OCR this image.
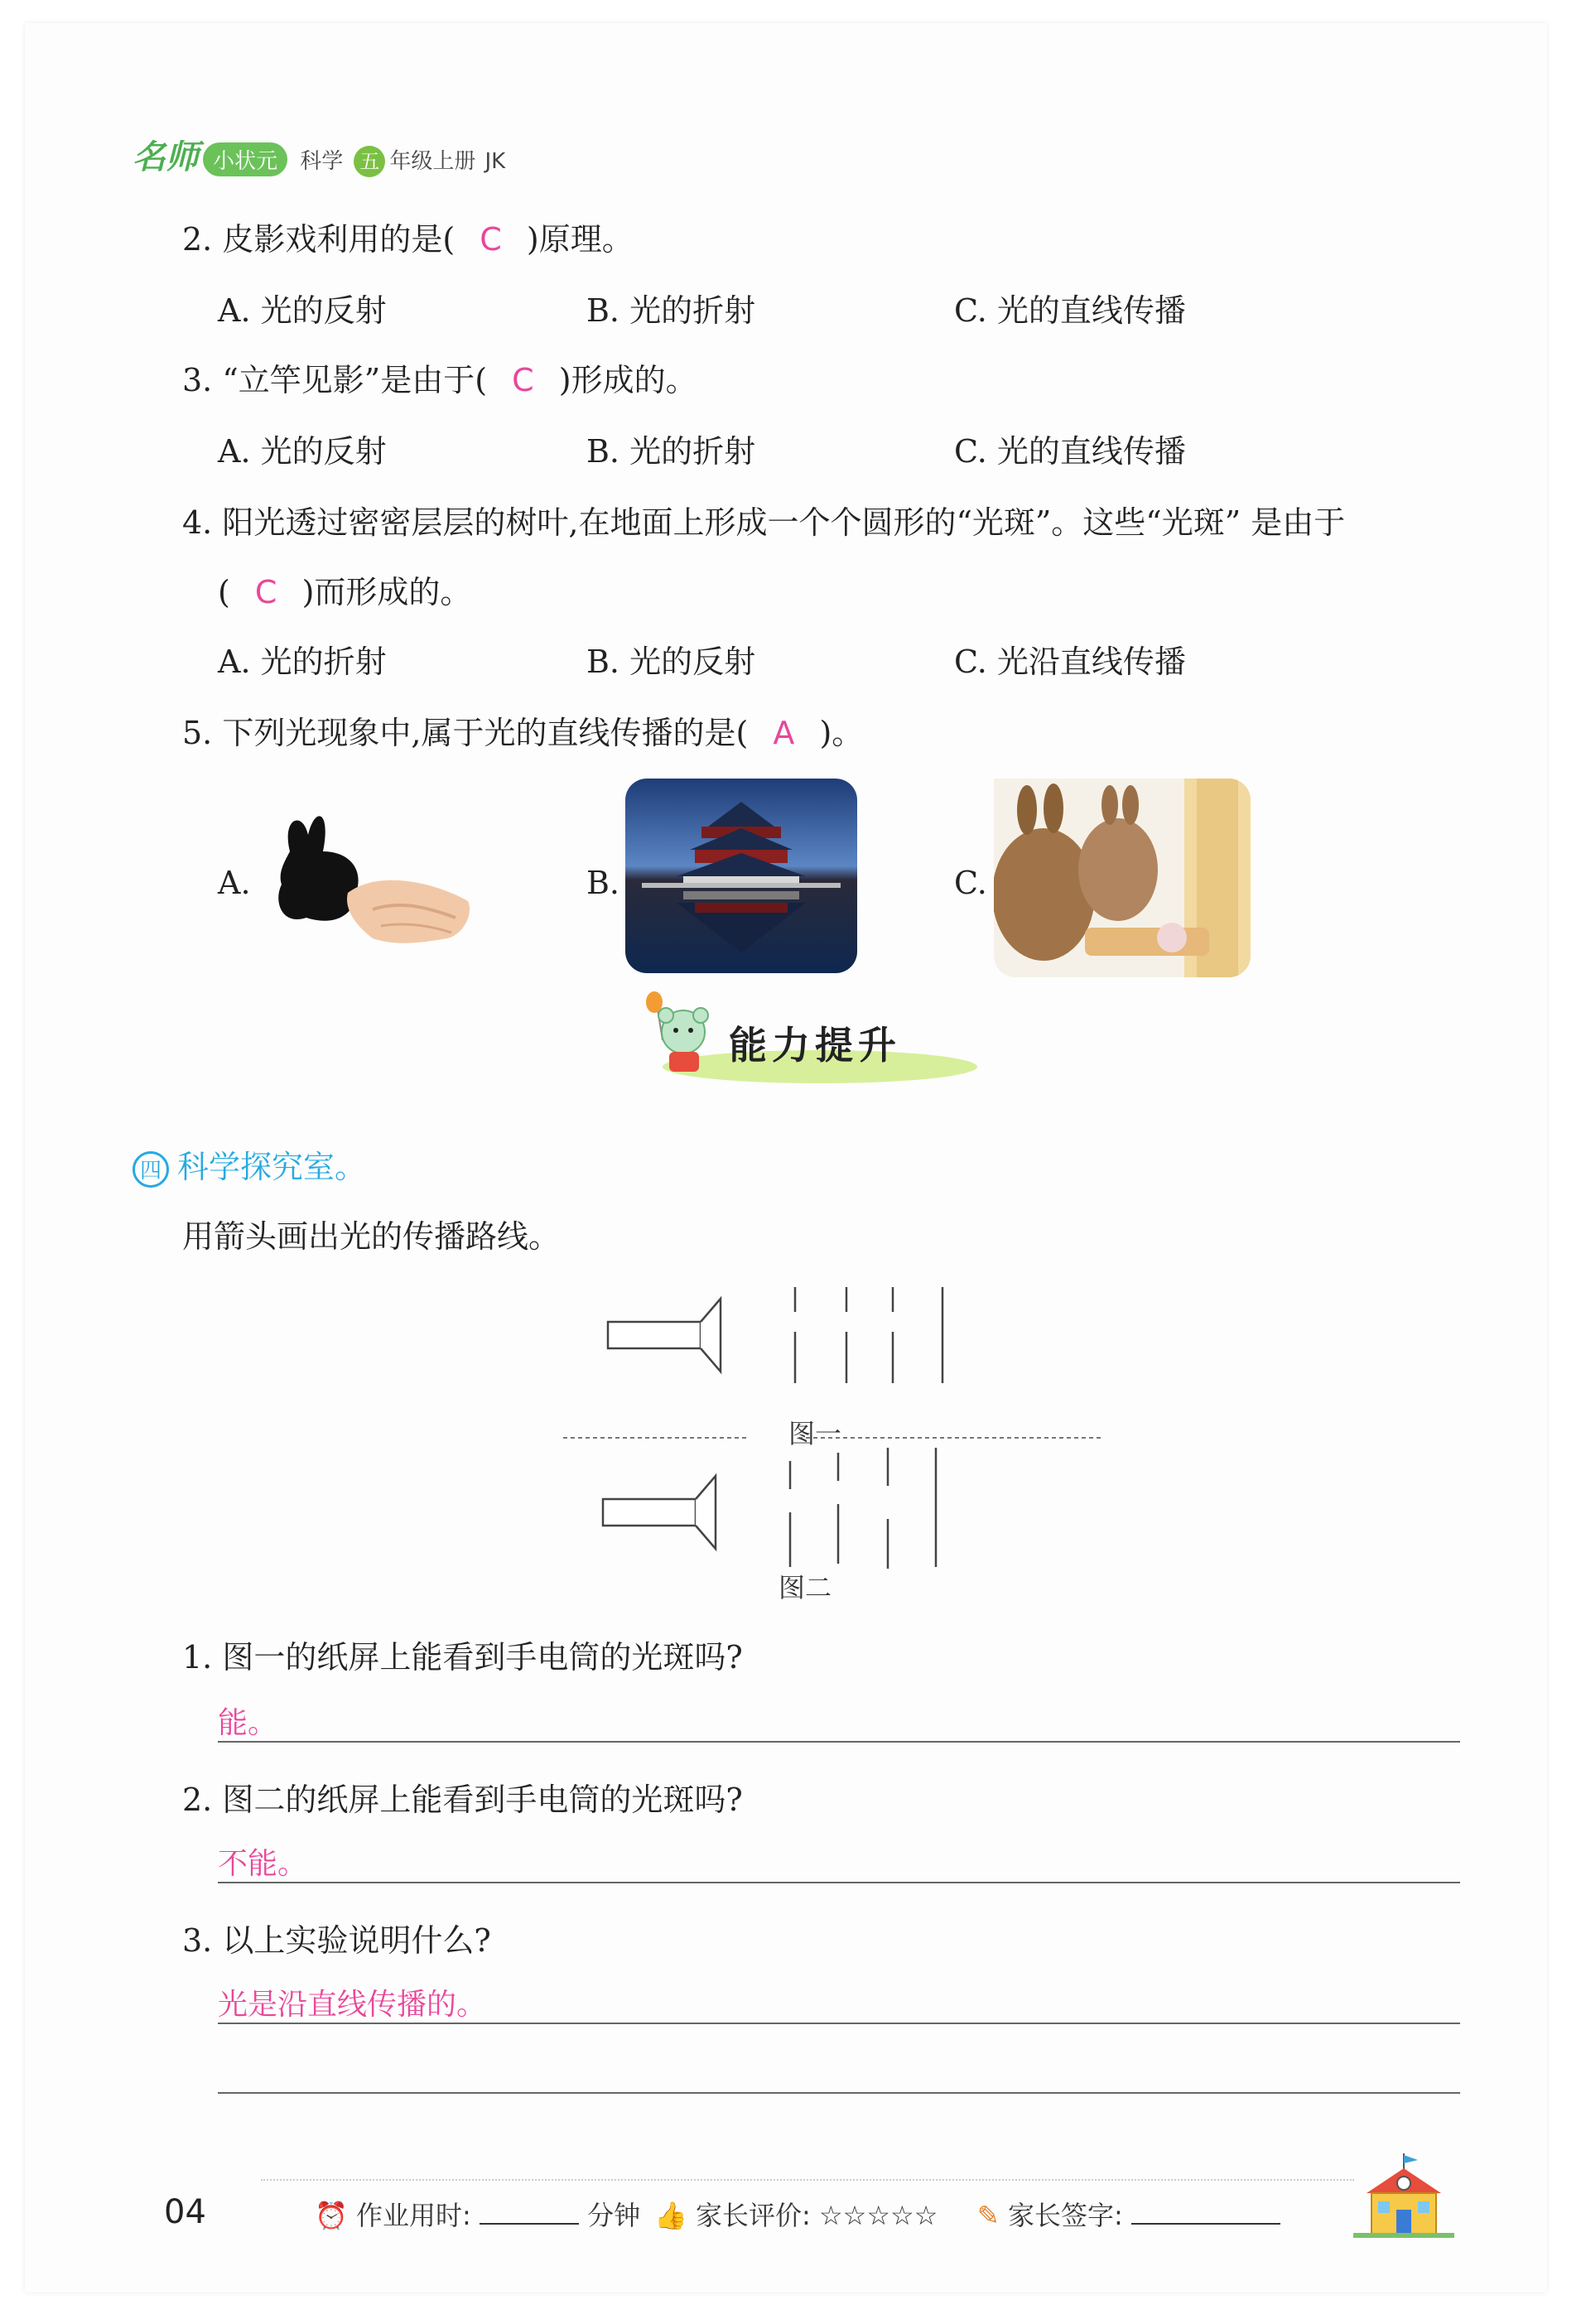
名师 小状元 科学 五 年级上册 JK
2. 皮影戏利用的是( C )原理。
A. 光的反射	B. 光的折射	C. 光的直线传播
3. “立竿见影”是由于( C )形成的。
A. 光的反射	B. 光的折射	C. 光的直线传播
4. 阳光透过密密层层的树叶,在地面上形成一个个圆形的“光斑”。这些“光斑” 是由于
( C )而形成的。
A. 光的折射	B. 光的反射	C. 光沿直线传播
5. 下列光现象中,属于光的直线传播的是( A )。
A.	B.	C.
能力提升
四 科学探究室。
用箭头画出光的传播路线。
图一
图二
1. 图一的纸屏上能看到手电筒的光斑吗?
能。
2. 图二的纸屏上能看到手电筒的光斑吗?
不能。
3. 以上实验说明什么?
光是沿直线传播的。
04	⏰ 作业用时:	分钟 👍 家长评价: ☆☆☆☆☆ ✎ 家长签字:
